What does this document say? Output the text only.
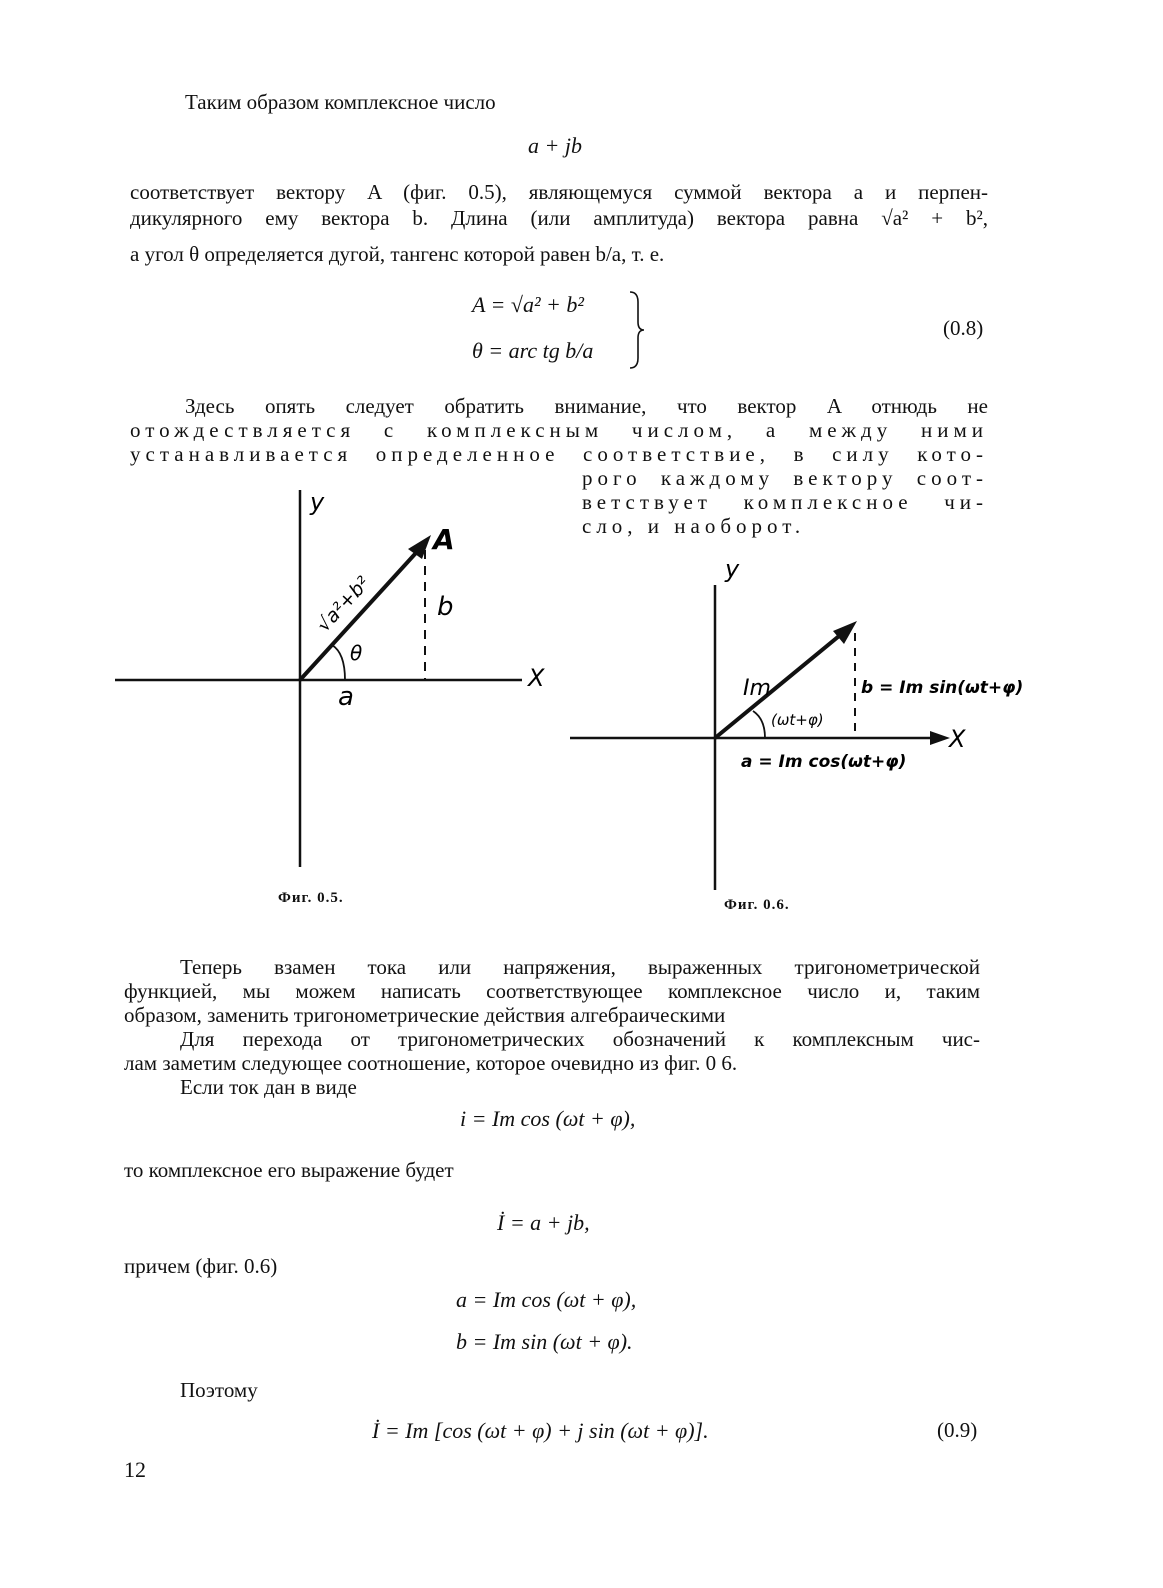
Таким образом комплексное число
a + jb
соответствует вектору A (фиг. 0.5), являющемуся суммой вектора a и перпен-
дикулярного ему вектора b. Длина (или амплитуда) вектора равна √a² + b²,
а угол θ определяется дугой, тангенс которой равен b/a, т. е.
A = √a² + b²
θ = arc tg b/a
(0.8)
Здесь опять следует обратить внимание, что вектор A отнюдь не
отождествляется с комплексным числом, а между ними
устанавливается определенное соответствие, в силу кото-
рого каждому вектору соот-
ветствует комплексное чи-
сло, и наоборот.
y
X
A
b
a
θ
√a²+b²
Фиг. 0.5.
y
X
Im	b = Im sin(ωt+φ)
(ωt+φ)
a = Im cos(ωt+φ)
Фиг. 0.6.
Теперь взамен тока или напряжения, выраженных тригонометрической
функцией, мы можем написать соответствующее комплексное число и, таким
образом, заменить тригонометрические действия алгебраическими
Для перехода от тригонометрических обозначений к комплексным чис-
лам заметим следующее соотношение, которое очевидно из фиг. 0 6.
Если ток дан в виде
i = Im cos (ωt + φ),
то комплексное его выражение будет
İ = a + jb,
причем (фиг. 0.6)
a = Im cos (ωt + φ),
b = Im sin (ωt + φ).
Поэтому
İ = Im [cos (ωt + φ) + j sin (ωt + φ)].	(0.9)
12
